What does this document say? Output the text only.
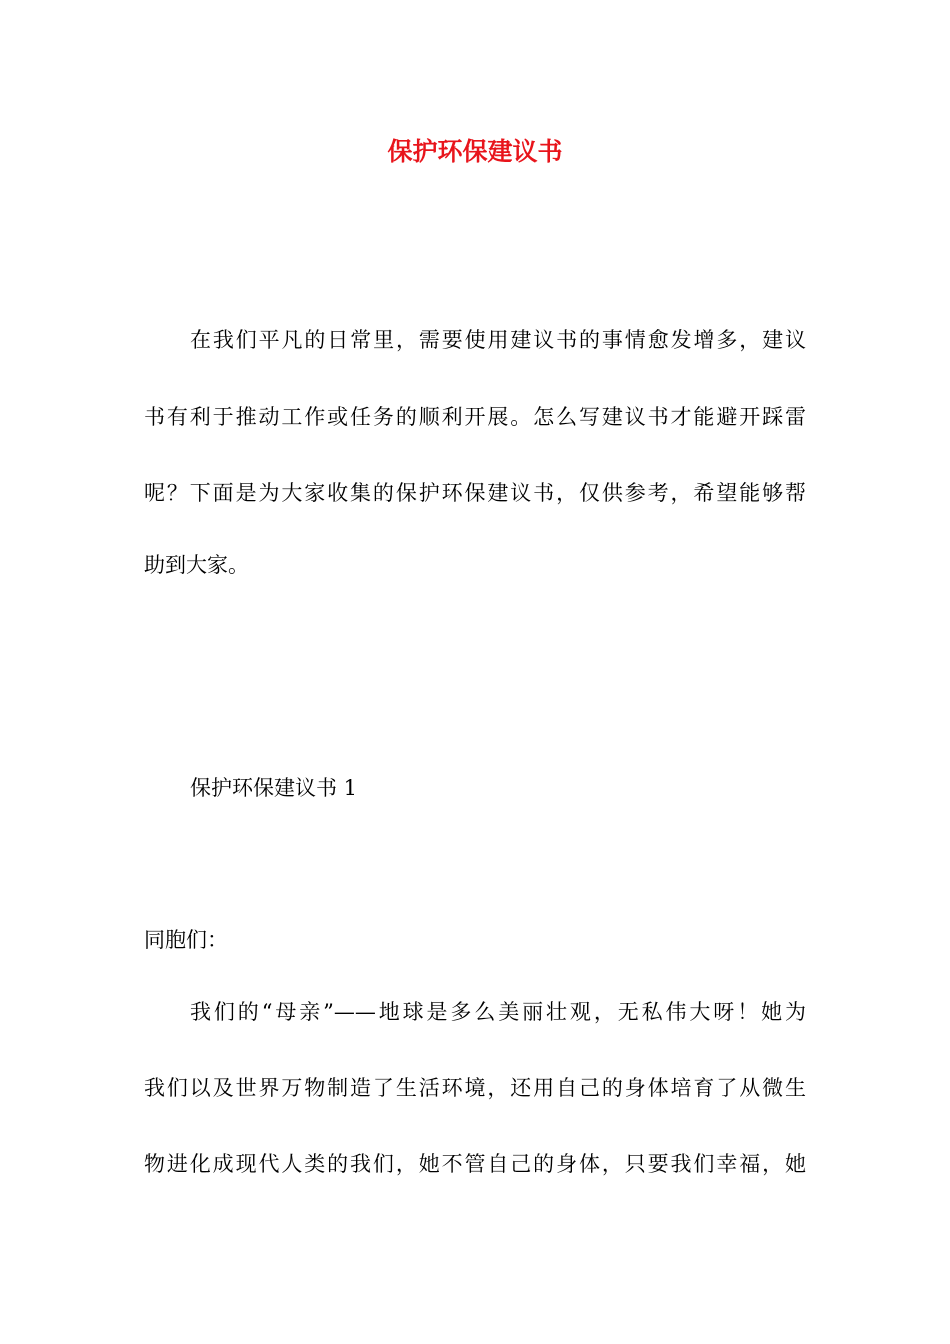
保护环保建议书

在我们平凡的日常里，需要使用建议书的事情愈发增多，建议

书有利于推动工作或任务的顺利开展。怎么写建议书才能避开踩雷

呢？下面是为大家收集的保护环保建议书，仅供参考，希望能够帮

助到大家。

保护环保建议书 1

同胞们：

我们的“母亲”——地球是多么美丽壮观，无私伟大呀！她为

我们以及世界万物制造了生活环境，还用自己的身体培育了从微生

物进化成现代人类的我们，她不管自己的身体，只要我们幸福，她
